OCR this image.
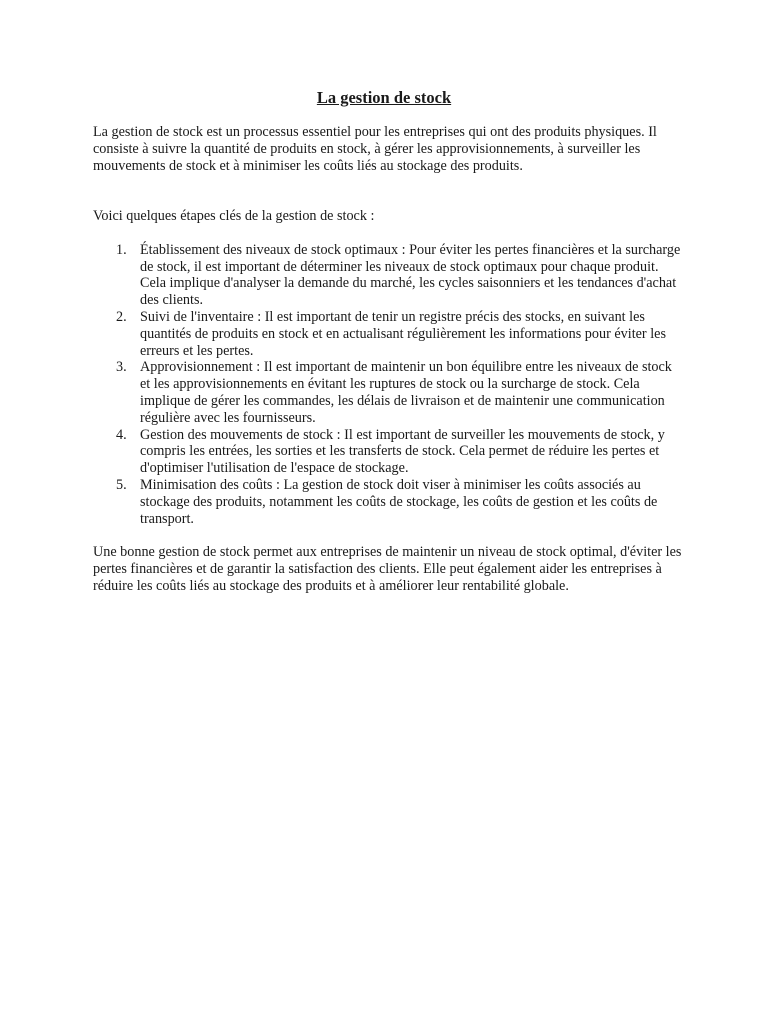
La gestion de stock

La gestion de stock est un processus essentiel pour les entreprises qui ont des produits physiques. Il consiste à suivre la quantité de produits en stock, à gérer les approvisionnements, à surveiller les mouvements de stock et à minimiser les coûts liés au stockage des produits.

Voici quelques étapes clés de la gestion de stock :

1. Établissement des niveaux de stock optimaux : Pour éviter les pertes financières et la surcharge de stock, il est important de déterminer les niveaux de stock optimaux pour chaque produit. Cela implique d'analyser la demande du marché, les cycles saisonniers et les tendances d'achat des clients.
2. Suivi de l'inventaire : Il est important de tenir un registre précis des stocks, en suivant les quantités de produits en stock et en actualisant régulièrement les informations pour éviter les erreurs et les pertes.
3. Approvisionnement : Il est important de maintenir un bon équilibre entre les niveaux de stock et les approvisionnements en évitant les ruptures de stock ou la surcharge de stock. Cela implique de gérer les commandes, les délais de livraison et de maintenir une communication régulière avec les fournisseurs.
4. Gestion des mouvements de stock : Il est important de surveiller les mouvements de stock, y compris les entrées, les sorties et les transferts de stock. Cela permet de réduire les pertes et d'optimiser l'utilisation de l'espace de stockage.
5. Minimisation des coûts : La gestion de stock doit viser à minimiser les coûts associés au stockage des produits, notamment les coûts de stockage, les coûts de gestion et les coûts de transport.

Une bonne gestion de stock permet aux entreprises de maintenir un niveau de stock optimal, d'éviter les pertes financières et de garantir la satisfaction des clients. Elle peut également aider les entreprises à réduire les coûts liés au stockage des produits et à améliorer leur rentabilité globale.
